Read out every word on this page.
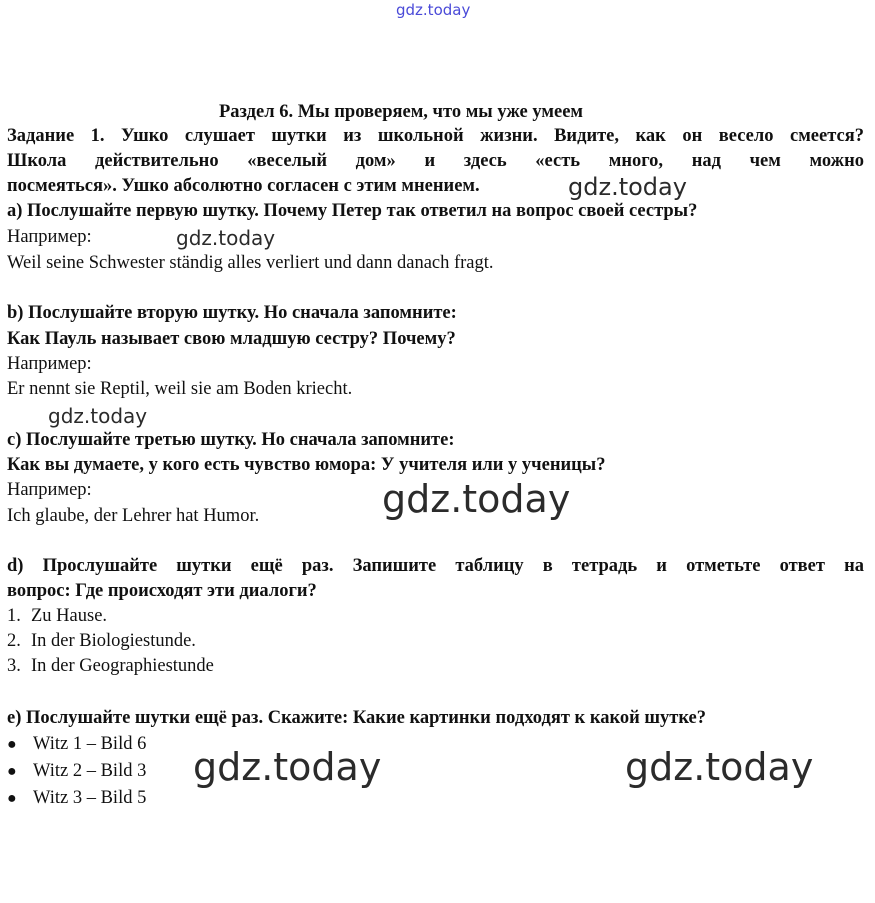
gdz.today
gdz.today
gdz.today
gdz.today
gdz.today
gdz.today	gdz.today
Раздел 6. Мы проверяем, что мы уже умеем
Задание 1. Ушко слушает шутки из школьной жизни. Видите, как он весело смеется?
Школа действительно «веселый дом» и здесь «есть много, над чем можно
посмеяться». Ушко абсолютно согласен с этим мнением.
а) Послушайте первую шутку. Почему Петер так ответил на вопрос своей сестры?
Например:
Weil seine Schwester ständig alles verliert und dann danach fragt.
b) Послушайте вторую шутку. Но сначала запомните:
Как Пауль называет свою младшую сестру? Почему?
Например:
Er nennt sie Reptil, weil sie am Boden kriecht.
с) Послушайте третью шутку. Но сначала запомните:
Как вы думаете, у кого есть чувство юмора: У учителя или у ученицы?
Например:
Ich glaube, der Lehrer hat Humor.
d) Прослушайте шутки ещё раз. Запишите таблицу в тетрадь и отметьте ответ на
вопрос: Где происходят эти диалоги?
1. Zu Hause.
2. In der Biologiestunde.
3. In der Geographiestunde
e) Послушайте шутки ещё раз. Скажите: Какие картинки подходят к какой шутке?
● Witz 1 – Bild 6
● Witz 2 – Bild 3
● Witz 3 – Bild 5
